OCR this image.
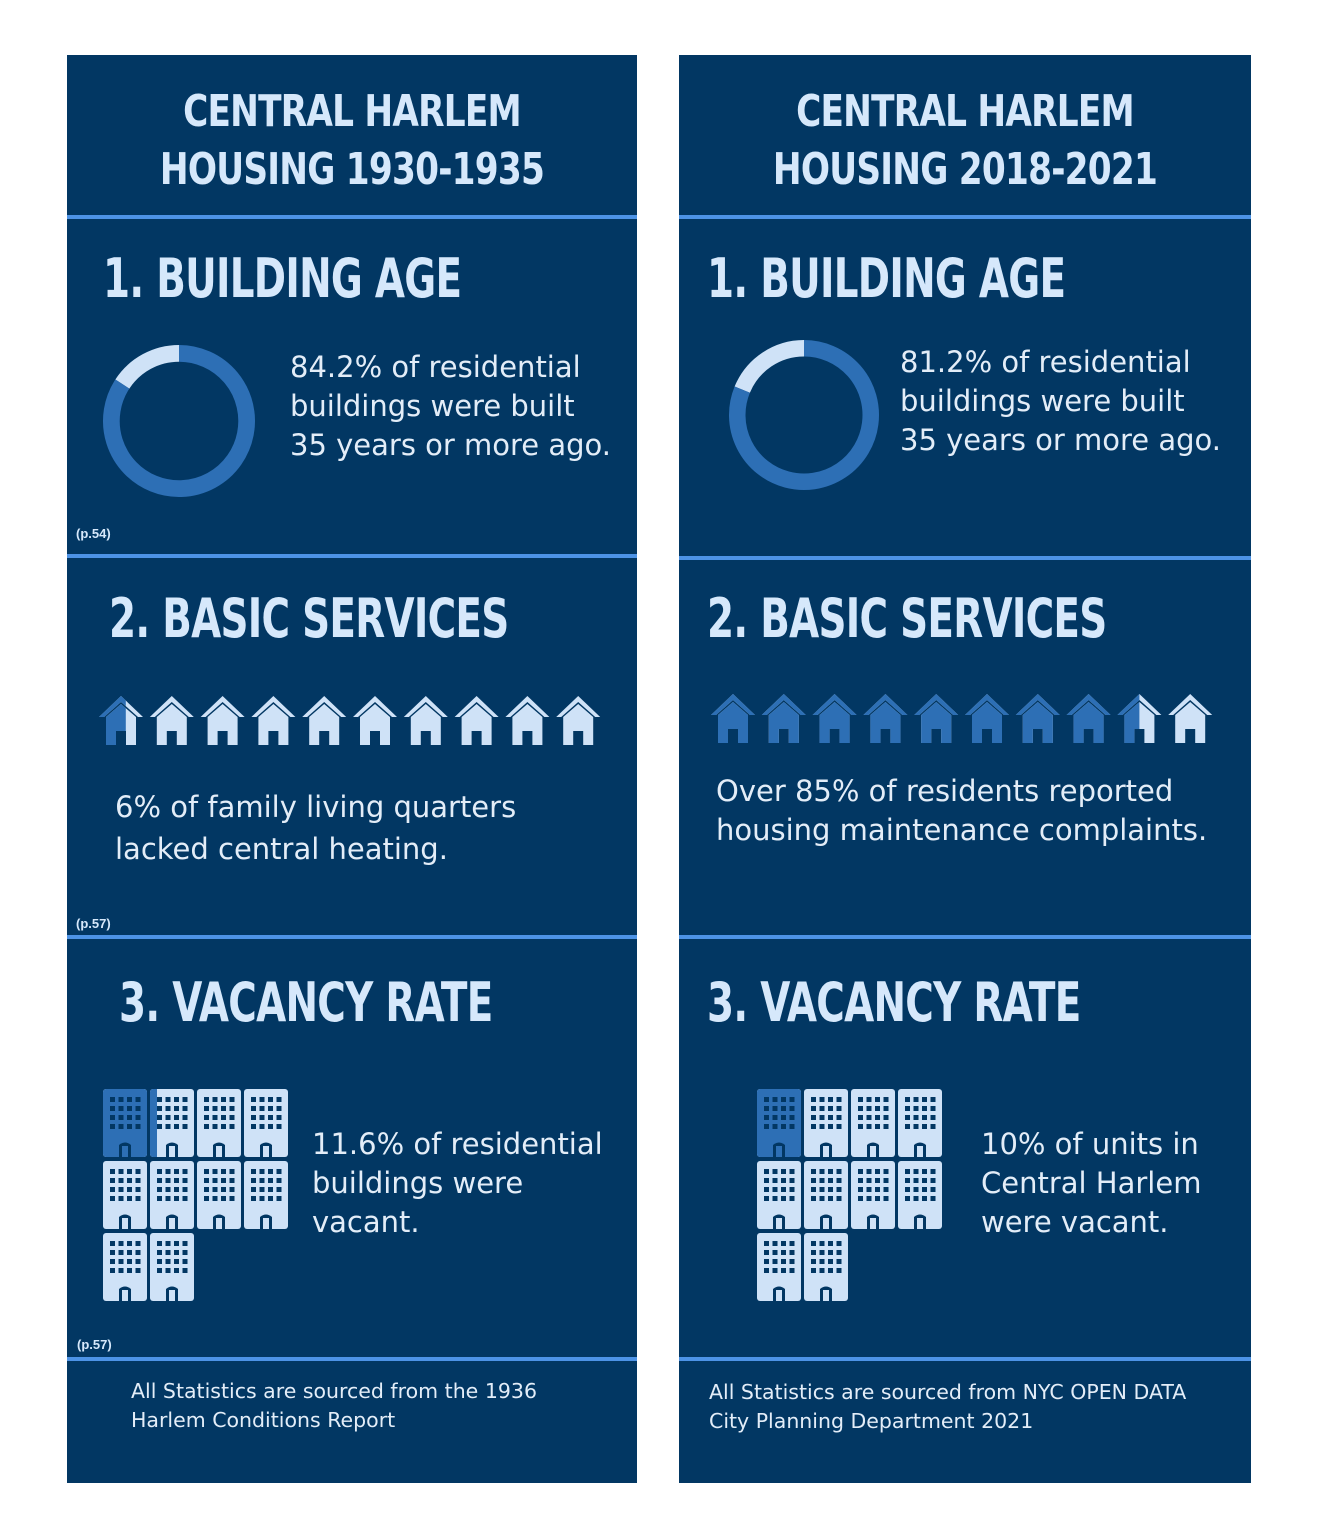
CENTRAL HARLEM
HOUSING 1930-1935
1. BUILDING AGE
84.2% of residential buildings were built 35 years or more ago.
(p.54)
2. BASIC SERVICES
6% of family living quarters lacked central heating.
(p.57)
3. VACANCY RATE
11.6% of residential buildings were vacant.
(p.57)
All Statistics are sourced from the 1936 Harlem Conditions Report
CENTRAL HARLEM
HOUSING 2018-2021
1. BUILDING AGE
81.2% of residential buildings were built 35 years or more ago.
2. BASIC SERVICES
Over 85% of residents reported housing maintenance complaints.
3. VACANCY RATE
10% of units in Central Harlem were vacant.
All Statistics are sourced from NYC OPEN DATA City Planning Department 2021
